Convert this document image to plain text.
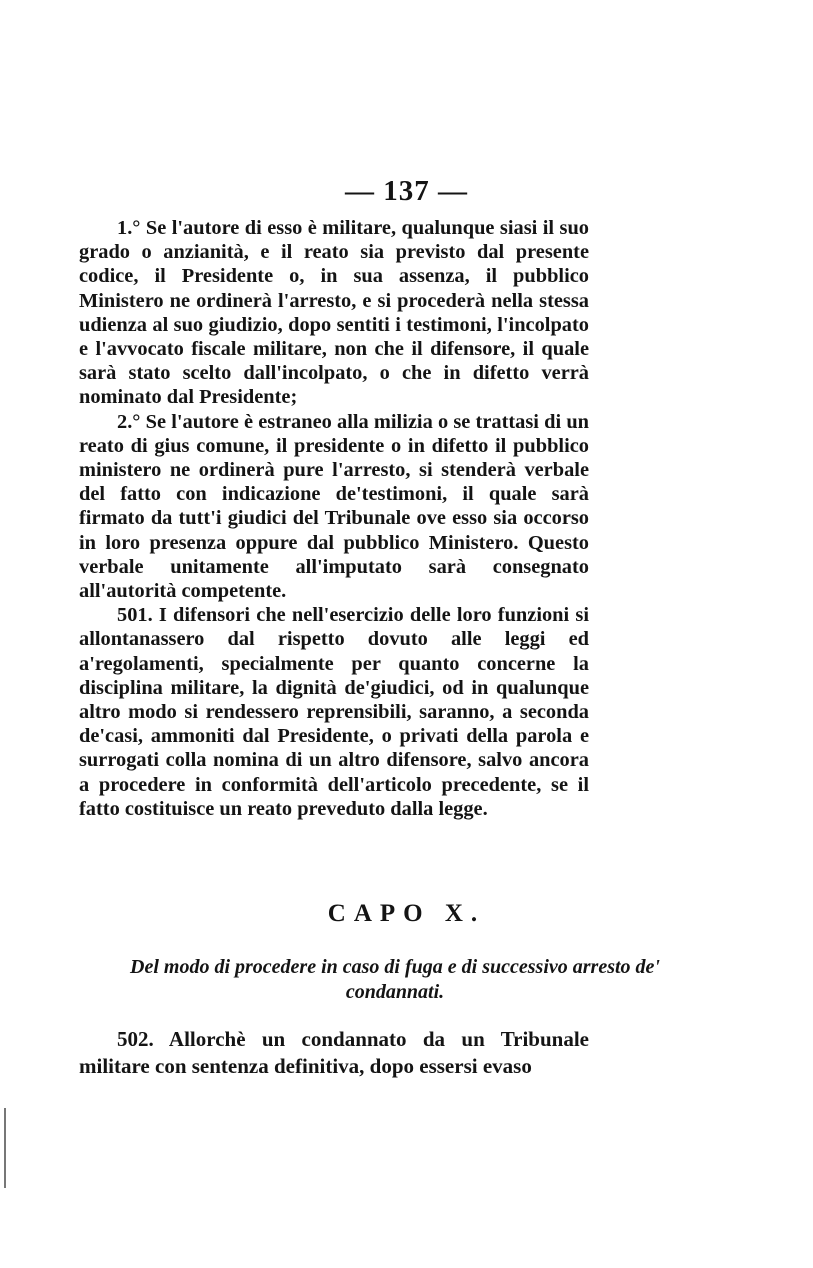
— 137 —

1.° Se l'autore di esso è militare, qualunque siasi il suo grado o anzianità, e il reato sia previsto dal presente codice, il Presidente o, in sua assenza, il pubblico Ministero ne ordinerà l'arresto, e si procederà nella stessa udienza al suo giudizio, dopo sentiti i testimoni, l'incolpato e l'avvocato fiscale militare, non che il difensore, il quale sarà stato scelto dall'incolpato, o che in difetto verrà nominato dal Presidente;

2.° Se l'autore è estraneo alla milizia o se trattasi di un reato di gius comune, il presidente o in difetto il pubblico ministero ne ordinerà pure l'arresto, si stenderà verbale del fatto con indicazione de'testimoni, il quale sarà firmato da tutt'i giudici del Tribunale ove esso sia occorso in loro presenza oppure dal pubblico Ministero. Questo verbale unitamente all'imputato sarà consegnato all'autorità competente.

501. I difensori che nell'esercizio delle loro funzioni si allontanassero dal rispetto dovuto alle leggi ed a'regolamenti, specialmente per quanto concerne la disciplina militare, la dignità de'giudici, od in qualunque altro modo si rendessero reprensibili, saranno, a seconda de'casi, ammoniti dal Presidente, o privati della parola e surrogati colla nomina di un altro difensore, salvo ancora a procedere in conformità dell'articolo precedente, se il fatto costituisce un reato preveduto dalla legge.

CAPO X.
Del modo di procedere in caso di fuga e di successivo arresto de' condannati.

502. Allorchè un condannato da un Tribunale militare con sentenza definitiva, dopo essersi evaso
